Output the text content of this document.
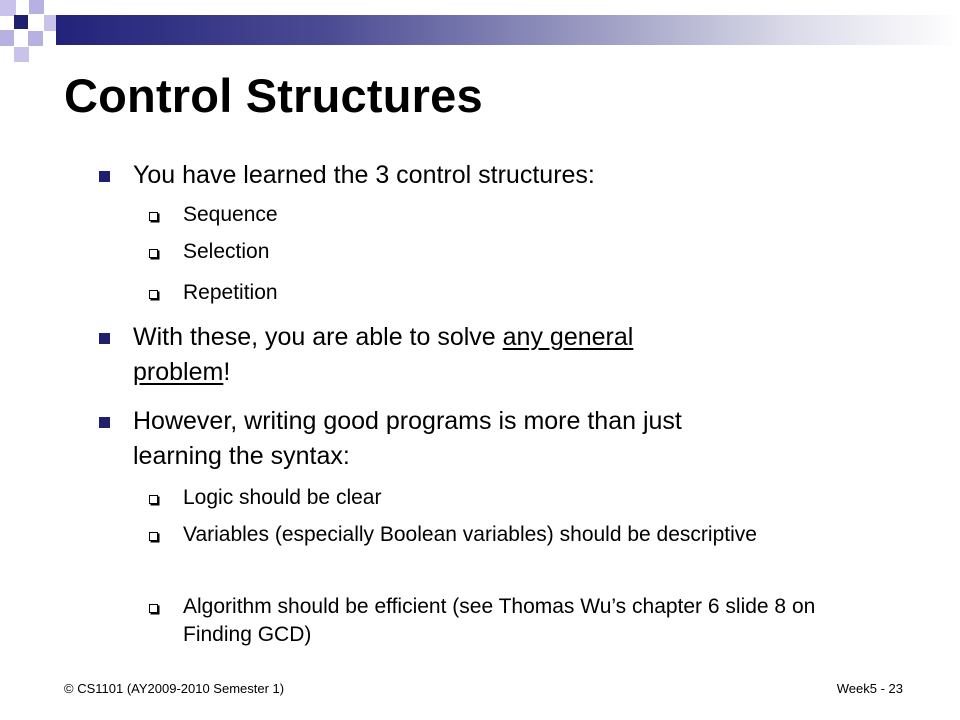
Control Structures
You have learned the 3 control structures:
Sequence
Selection
Repetition
With these, you are able to solve any general
problem!
However, writing good programs is more than just
learning the syntax:
Logic should be clear
Variables (especially Boolean variables) should be descriptive
Algorithm should be efficient (see Thomas Wu’s chapter 6 slide 8 on Finding GCD)
© CS1101 (AY2009-2010 Semester 1)	Week5 - 23
